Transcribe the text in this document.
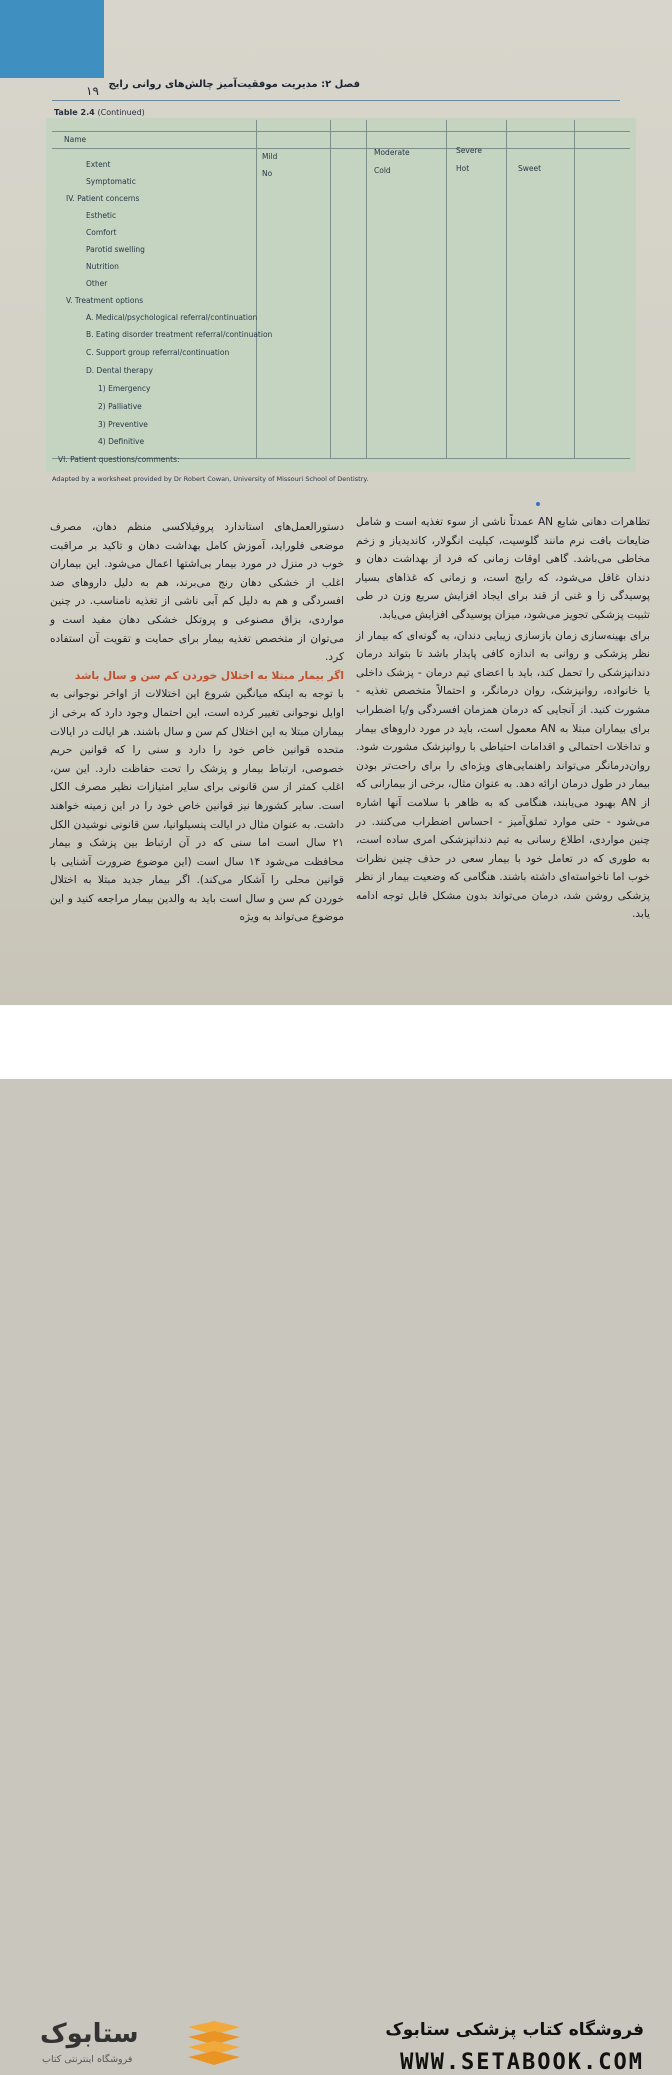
۱۹ فصل ۲: مدیریت موفقیت‌آمیز چالش‌های روانی رایج
Table 2.4 (Continued)
Name
Mild
No
Moderate
Cold
Severe
Hot	Sweet
Extent
Symptomatic
IV. Patient concerns
Esthetic
Comfort
Parotid swelling
Nutrition
Other
V. Treatment options
A. Medical/psychological referral/continuation
B. Eating disorder treatment referral/continuation
C. Support group referral/continuation
D. Dental therapy
1) Emergency
2) Palliative
3) Preventive
4) Definitive
VI. Patient questions/comments:
Adapted by a worksheet provided by Dr Robert Cowan, University of Missouri School of Dentistry.

تظاهرات دهانی شایع AN عمدتاً ناشی از سوء تغذیه است و شامل ضایعات بافت نرم مانند گلوسیت، کیلیت انگولار، کاندیدیاز و زخم مخاطی می‌باشد. گاهی اوقات زمانی که فرد از بهداشت دهان و دندان غافل می‌شود، که رایج است، و زمانی که غذاهای بسیار پوسیدگی زا و غنی از قند برای ایجاد افزایش سریع وزن در طی تثبیت پزشکی تجویز می‌شود، میزان پوسیدگی افزایش می‌یابد.

برای بهینه‌سازی زمان بازسازی زیبایی دندان، به گونه‌ای که بیمار از نظر پزشکی و روانی به اندازه کافی پایدار باشد تا بتواند درمان دندانپزشکی را تحمل کند، باید با اعضای تیم درمان - پزشک داخلی یا خانواده، روانپزشک، روان درمانگر، و احتمالاً متخصص تغذیه - مشورت کنید. از آنجایی که درمان همزمان افسردگی و/یا اضطراب برای بیماران مبتلا به AN معمول است، باید در مورد داروهای بیمار و تداخلات احتمالی و اقدامات احتیاطی با روانپزشک مشورت شود. روان‌درمانگر می‌تواند راهنمایی‌های ویژه‌ای را برای راحت‌تر بودن بیمار در طول درمان ارائه دهد. به عنوان مثال، برخی از بیمارانی که از AN بهبود می‌یابند، هنگامی که به ظاهر با سلامت آنها اشاره می‌شود - حتی موارد تملق‌آمیز - احساس اضطراب می‌کنند. در چنین مواردی، اطلاع رسانی به تیم دندانپزشکی امری ساده است، به طوری که در تعامل خود با بیمار سعی در حذف چنین نظرات خوب اما ناخواسته‌ای داشته باشند. هنگامی که وضعیت بیمار از نظر پزشکی روشن شد، درمان می‌تواند بدون مشکل قابل توجه ادامه یابد.

دستورالعمل‌های استاندارد پروفیلاکسی منظم دهان، مصرف موضعی فلوراید، آموزش کامل بهداشت دهان و تاکید بر مراقبت خوب در منزل در مورد بیمار بی‌اشتها اعمال می‌شود. این بیماران اغلب از خشکی دهان رنج می‌برند، هم به دلیل داروهای ضد افسردگی و هم به دلیل کم آبی ناشی از تغذیه نامناسب. در چنین مواردی، بزاق مصنوعی و پروتکل خشکی دهان مفید است و می‌توان از متخصص تغذیه بیمار برای حمایت و تقویت آن استفاده کرد.

اگر بیمار مبتلا به اختلال خوردن کم سن و سال باشد

با توجه به اینکه میانگین شروع این اختلالات از اواخر نوجوانی به اوایل نوجوانی تغییر کرده است، این احتمال وجود دارد که برخی از بیماران مبتلا به این اختلال کم سن و سال باشند. هر ایالت در ایالات متحده قوانین خاص خود را دارد و سنی را که قوانین حریم خصوصی، ارتباط بیمار و پزشک را تحت حفاظت دارد. این سن، اغلب کمتر از سن قانونی برای سایر امتیازات نظیر مصرف الکل است. سایر کشورها نیز قوانین خاص خود را در این زمینه خواهند داشت. به عنوان مثال در ایالت پنسیلوانیا، سن قانونی نوشیدن الکل ۲۱ سال است اما سنی که در آن ارتباط بین پزشک و بیمار محافظت می‌شود ۱۴ سال است (این موضوع ضرورت آشنایی با قوانین محلی را آشکار می‌کند). اگر بیمار جدید مبتلا به اختلال خوردن کم سن و سال است باید به والدین بیمار مراجعه کنید و این موضوع می‌تواند به ویژه

ستابوک
فروشگاه اینترنتی کتاب
فروشگاه کتاب پزشکی ستابوک
WWW.SETABOOK.COM
